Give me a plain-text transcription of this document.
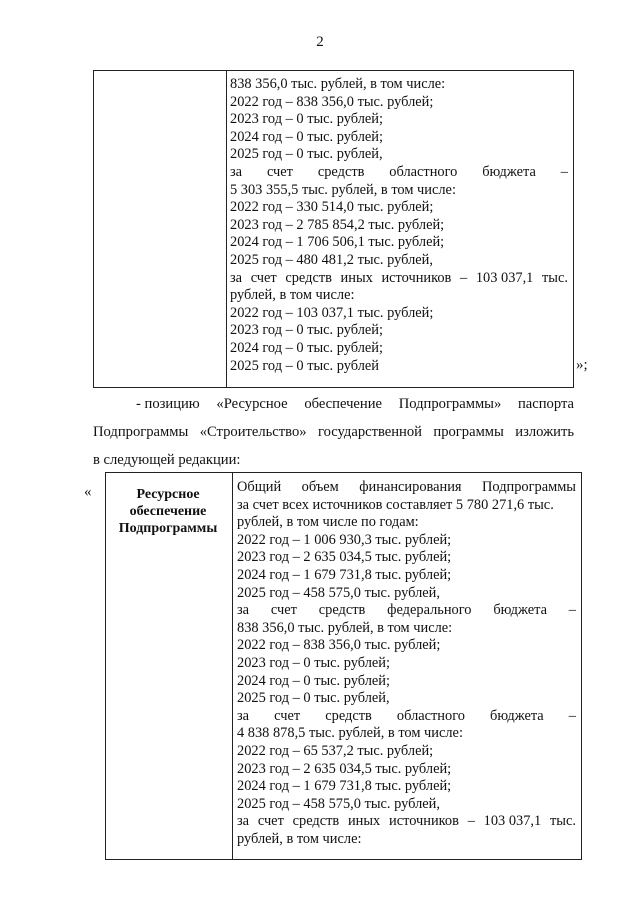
2
838 356,0 тыс. рублей, в том числе:
2022 год – 838 356,0 тыс. рублей;
2023 год – 0 тыс. рублей;
2024 год – 0 тыс. рублей;
2025 год – 0 тыс. рублей,
за счет средств областного бюджета –
5 303 355,5 тыс. рублей, в том числе:
2022 год – 330 514,0 тыс. рублей;
2023 год – 2 785 854,2 тыс. рублей;
2024 год – 1 706 506,1 тыс. рублей;
2025 год – 480 481,2 тыс. рублей,
за счет средств иных источников – 103 037,1 тыс.
рублей, в том числе:
2022 год – 103 037,1 тыс. рублей;
2023 год – 0 тыс. рублей;
2024 год – 0 тыс. рублей;
2025 год – 0 тыс. рублей	»;
- позицию «Ресурсное обеспечение Подпрограммы» паспорта
Подпрограммы «Строительство» государственной программы изложить
в следующей редакции:
«	Ресурсное
обеспечение
Подпрограммы
Общий объем финансирования Подпрограммы
за счет всех источников составляет 5 780 271,6 тыс.
рублей, в том числе по годам:
2022 год – 1 006 930,3 тыс. рублей;
2023 год – 2 635 034,5 тыс. рублей;
2024 год – 1 679 731,8 тыс. рублей;
2025 год – 458 575,0 тыс. рублей,
за счет средств федерального бюджета –
838 356,0 тыс. рублей, в том числе:
2022 год – 838 356,0 тыс. рублей;
2023 год – 0 тыс. рублей;
2024 год – 0 тыс. рублей;
2025 год – 0 тыс. рублей,
за счет средств областного бюджета –
4 838 878,5 тыс. рублей, в том числе:
2022 год – 65 537,2 тыс. рублей;
2023 год – 2 635 034,5 тыс. рублей;
2024 год – 1 679 731,8 тыс. рублей;
2025 год – 458 575,0 тыс. рублей,
за счет средств иных источников – 103 037,1 тыс.
рублей, в том числе:
